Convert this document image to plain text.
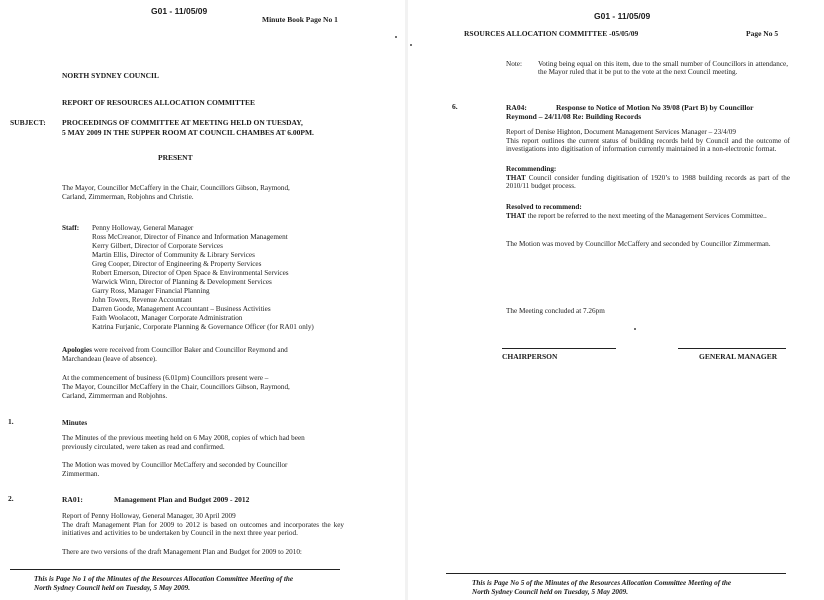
G01 - 11/05/09
Minute Book Page No 1
NORTH SYDNEY COUNCIL
REPORT OF RESOURCES ALLOCATION COMMITTEE
SUBJECT: PROCEEDINGS OF COMMITTEE AT MEETING HELD ON TUESDAY,
5 MAY 2009 IN THE SUPPER ROOM AT COUNCIL CHAMBES AT 6.00PM.
PRESENT
The Mayor, Councillor McCaffery in the Chair, Councillors Gibson, Raymond,
Carland, Zimmerman, Robjohns and Christie.
Staff: Penny Holloway, General Manager
Ross McCreanor, Director of Finance and Information Management
Kerry Gilbert, Director of Corporate Services
Martin Ellis, Director of Community & Library Services
Greg Cooper, Director of Engineering & Property Services
Robert Emerson, Director of Open Space & Environmental Services
Warwick Winn, Director of Planning & Development Services
Garry Ross, Manager Financial Planning
John Towers, Revenue Accountant
Darren Goode, Management Accountant – Business Activities
Faith Woolacott, Manager Corporate Administration
Katrina Furjanic, Corporate Planning & Governance Officer (for RA01 only)
Apologies were received from Councillor Baker and Councillor Reymond and
Marchandeau (leave of absence).
At the commencement of business (6.01pm) Councillors present were –
The Mayor, Councillor McCaffery in the Chair, Councillors Gibson, Raymond,
Carland, Zimmerman and Robjohns.
1.	Minutes
The Minutes of the previous meeting held on 6 May 2008, copies of which had been
previously circulated, were taken as read and confirmed.
The Motion was moved by Councillor McCaffery and seconded by Councillor
Zimmerman.
2.	RA01:	Management Plan and Budget 2009 - 2012
Report of Penny Holloway, General Manager, 30 April 2009
The draft Management Plan for 2009 to 2012 is based on outcomes and incorporates the key initiatives and activities to be undertaken by Council in the next three year period.
There are two versions of the draft Management Plan and Budget for 2009 to 2010:
This is Page No 1 of the Minutes of the Resources Allocation Committee Meeting of the
North Sydney Council held on Tuesday, 5 May 2009.
G01 - 11/05/09
RSOURCES ALLOCATION COMMITTEE -05/05/09	Page No 5
Note: Voting being equal on this item, due to the small number of Councillors in attendance, the Mayor ruled that it be put to the vote at the next Council meeting.
6.	RA04:	Response to Notice of Motion No 39/08 (Part B) by Councillor
Reymond – 24/11/08 Re: Building Records
Report of Denise Highton, Document Management Services Manager – 23/4/09
This report outlines the current status of building records held by Council and the outcome of investigations into digitisation of information currently maintained in a non-electronic format.
Recommending:
THAT Council consider funding digitisation of 1920’s to 1988 building records as part of the 2010/11 budget process.
Resolved to recommend:
THAT the report be referred to the next meeting of the Management Services Committee..
The Motion was moved by Councillor McCaffery and seconded by Councillor Zimmerman.
The Meeting concluded at 7.26pm
CHAIRPERSON	GENERAL MANAGER
This is Page No 5 of the Minutes of the Resources Allocation Committee Meeting of the
North Sydney Council held on Tuesday, 5 May 2009.
